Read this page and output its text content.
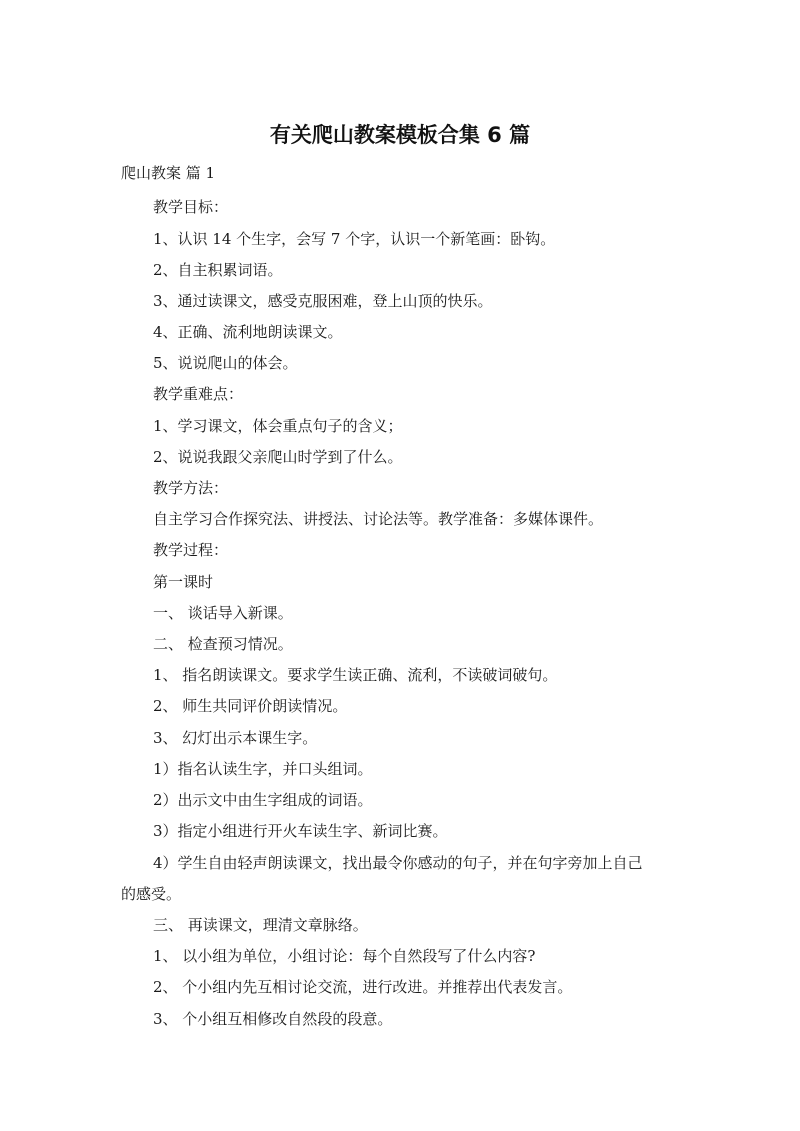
有关爬山教案模板合集 6 篇
爬山教案 篇 1
教学目标：
1、认识 14 个生字，会写 7 个字，认识一个新笔画：卧钩。
2、自主积累词语。
3、通过读课文，感受克服困难，登上山顶的快乐。
4、正确、流利地朗读课文。
5、说说爬山的体会。
教学重难点：
1、学习课文，体会重点句子的含义；
2、说说我跟父亲爬山时学到了什么。
教学方法：
自主学习合作探究法、讲授法、讨论法等。教学准备：多媒体课件。
教学过程：
第一课时
一、 谈话导入新课。
二、 检查预习情况。
1、 指名朗读课文。要求学生读正确、流利，不读破词破句。
2、 师生共同评价朗读情况。
3、 幻灯出示本课生字。
1）指名认读生字，并口头组词。
2）出示文中由生字组成的词语。
3）指定小组进行开火车读生字、新词比赛。
4）学生自由轻声朗读课文，找出最令你感动的句子，并在句字旁加上自己
的感受。
三、 再读课文，理清文章脉络。
1、 以小组为单位，小组讨论：每个自然段写了什么内容?
2、 个小组内先互相讨论交流，进行改进。并推荐出代表发言。
3、 个小组互相修改自然段的段意。
